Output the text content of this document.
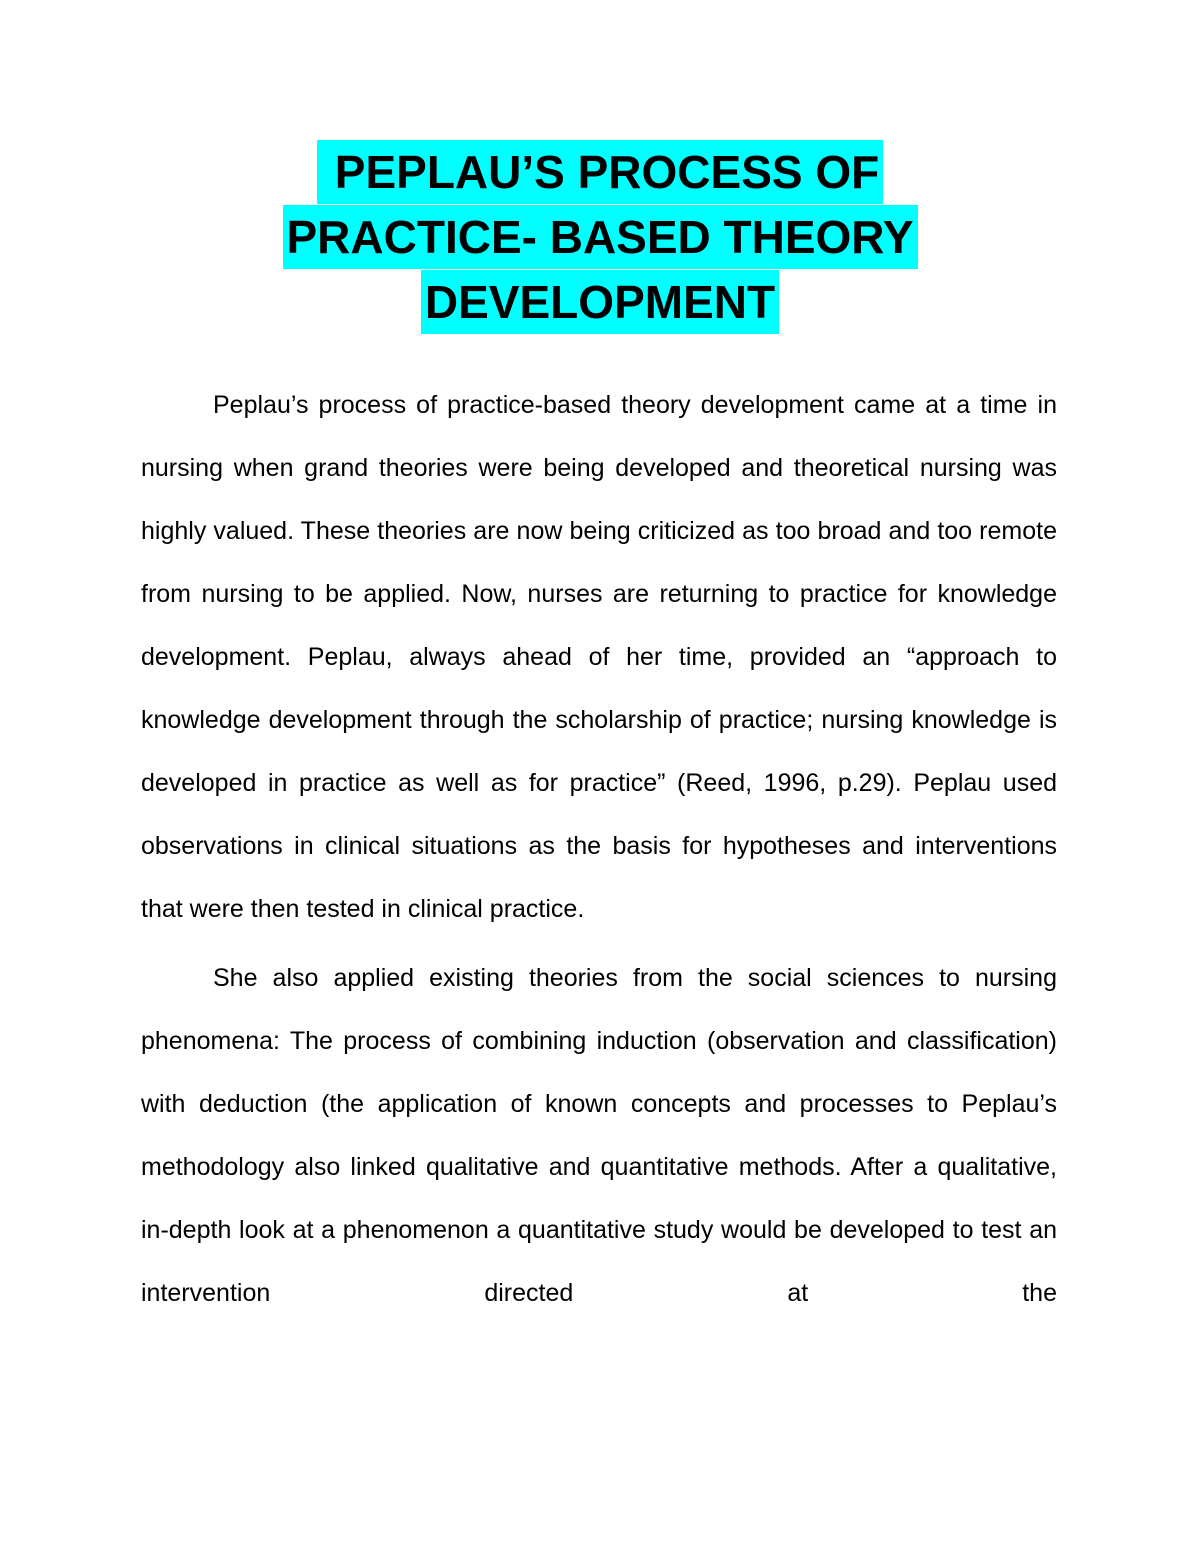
PEPLAU’S PROCESS OF
PRACTICE- BASED THEORY
DEVELOPMENT

Peplau’s process of practice-based theory development came at a time in nursing when grand theories were being developed and theoretical nursing was highly valued. These theories are now being criticized as too broad and too remote from nursing to be applied. Now, nurses are returning to practice for knowledge development. Peplau, always ahead of her time, provided an “approach to knowledge development through the scholarship of practice; nursing knowledge is developed in practice as well as for practice” (Reed, 1996, p.29). Peplau used observations in clinical situations as the basis for hypotheses and interventions that were then tested in clinical practice.

She also applied existing theories from the social sciences to nursing phenomena: The process of combining induction (observation and classification) with deduction (the application of known concepts and processes to Peplau’s methodology also linked qualitative and quantitative methods. After a qualitative, in-depth look at a phenomenon a quantitative study would be developed to test an intervention directed at the
